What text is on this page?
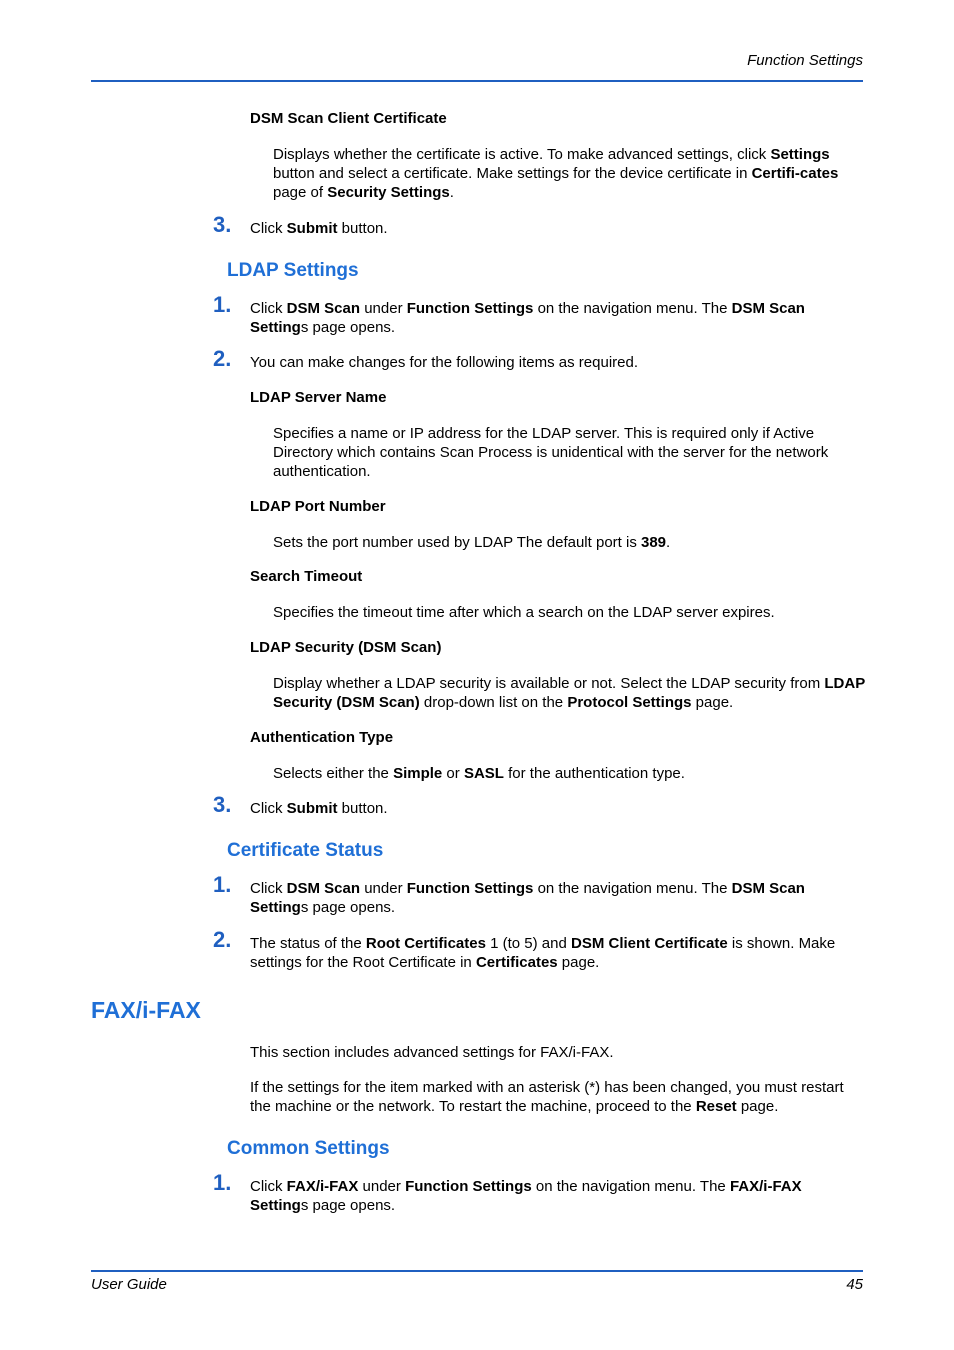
Function Settings
DSM Scan Client Certificate
Displays whether the certificate is active. To make advanced settings, click Settings button and select a certificate. Make settings for the device certificate in Certifi-cates page of Security Settings.
3. Click Submit button.
LDAP Settings
1. Click DSM Scan under Function Settings on the navigation menu. The DSM Scan Settings page opens.
2. You can make changes for the following items as required.
LDAP Server Name
Specifies a name or IP address for the LDAP server. This is required only if Active Directory which contains Scan Process is unidentical with the server for the network authentication.
LDAP Port Number
Sets the port number used by LDAP The default port is 389.
Search Timeout
Specifies the timeout time after which a search on the LDAP server expires.
LDAP Security (DSM Scan)
Display whether a LDAP security is available or not. Select the LDAP security from LDAP Security (DSM Scan) drop-down list on the Protocol Settings page.
Authentication Type
Selects either the Simple or SASL for the authentication type.
3. Click Submit button.
Certificate Status
1. Click DSM Scan under Function Settings on the navigation menu. The DSM Scan Settings page opens.
2. The status of the Root Certificates 1 (to 5) and DSM Client Certificate is shown. Make settings for the Root Certificate in Certificates page.
FAX/i-FAX
This section includes advanced settings for FAX/i-FAX.
If the settings for the item marked with an asterisk (*) has been changed, you must restart the machine or the network. To restart the machine, proceed to the Reset page.
Common Settings
1. Click FAX/i-FAX under Function Settings on the navigation menu. The FAX/i-FAX Settings page opens.
User Guide	45
